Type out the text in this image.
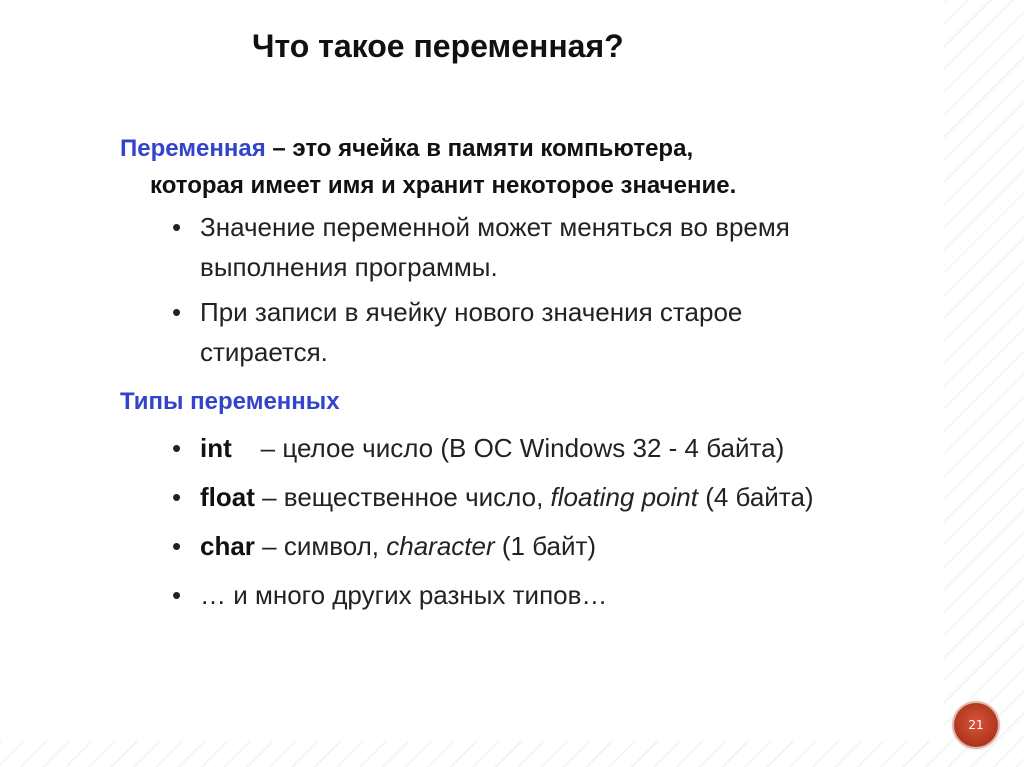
Что такое переменная?
Переменная – это ячейка в памяти компьютера,
которая имеет имя и хранит некоторое значение.
• Значение переменной может меняться во время
выполнения программы.
• При записи в ячейку нового значения старое
стирается.
Типы переменных
• int    – целое число (В ОС Windows 32 - 4 байта)
• float – вещественное число, floating point (4 байта)
• char – символ, character (1 байт)
• … и много других разных типов…
21
